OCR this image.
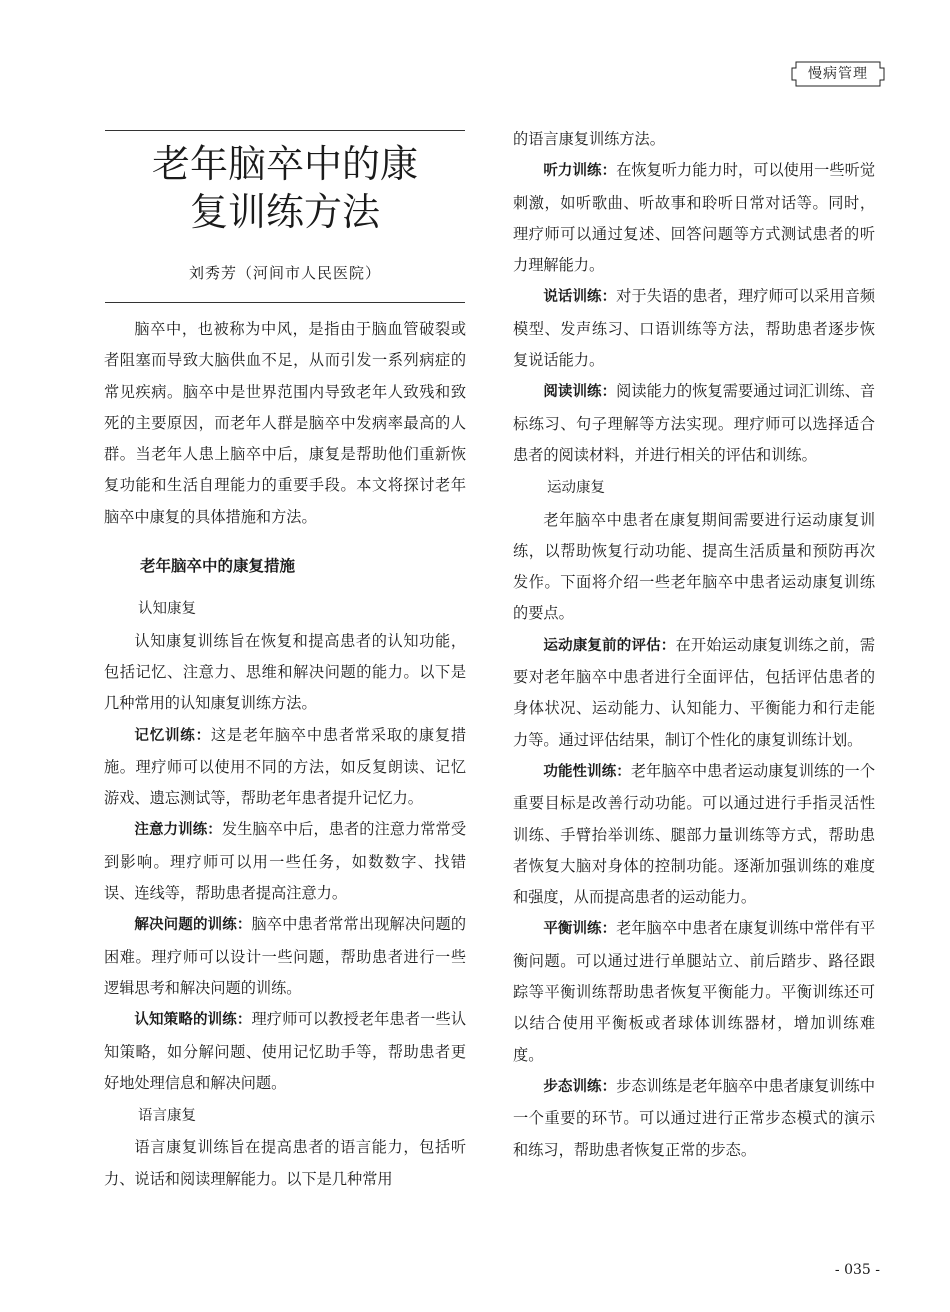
慢病管理
老年脑卒中的康
复训练方法
刘秀芳（河间市人民医院）

脑卒中，也被称为中风，是指由于脑血管破裂或者阻塞而导致大脑供血不足，从而引发一系列病症的常见疾病。脑卒中是世界范围内导致老年人致残和致死的主要原因，而老年人群是脑卒中发病率最高的人群。当老年人患上脑卒中后，康复是帮助他们重新恢复功能和生活自理能力的重要手段。本文将探讨老年脑卒中康复的具体措施和方法。

老年脑卒中的康复措施

认知康复

认知康复训练旨在恢复和提高患者的认知功能，包括记忆、注意力、思维和解决问题的能力。以下是几种常用的认知康复训练方法。

记忆训练：这是老年脑卒中患者常采取的康复措施。理疗师可以使用不同的方法，如反复朗读、记忆游戏、遗忘测试等，帮助老年患者提升记忆力。

注意力训练：发生脑卒中后，患者的注意力常常受到影响。理疗师可以用一些任务，如数数字、找错误、连线等，帮助患者提高注意力。

解决问题的训练：脑卒中患者常常出现解决问题的困难。理疗师可以设计一些问题，帮助患者进行一些逻辑思考和解决问题的训练。

认知策略的训练：理疗师可以教授老年患者一些认知策略，如分解问题、使用记忆助手等，帮助患者更好地处理信息和解决问题。

语言康复

语言康复训练旨在提高患者的语言能力，包括听力、说话和阅读理解能力。以下是几种常用

的语言康复训练方法。

听力训练：在恢复听力能力时，可以使用一些听觉刺激，如听歌曲、听故事和聆听日常对话等。同时，理疗师可以通过复述、回答问题等方式测试患者的听力理解能力。

说话训练：对于失语的患者，理疗师可以采用音频模型、发声练习、口语训练等方法，帮助患者逐步恢复说话能力。

阅读训练：阅读能力的恢复需要通过词汇训练、音标练习、句子理解等方法实现。理疗师可以选择适合患者的阅读材料，并进行相关的评估和训练。

运动康复

老年脑卒中患者在康复期间需要进行运动康复训练，以帮助恢复行动功能、提高生活质量和预防再次发作。下面将介绍一些老年脑卒中患者运动康复训练的要点。

运动康复前的评估：在开始运动康复训练之前，需要对老年脑卒中患者进行全面评估，包括评估患者的身体状况、运动能力、认知能力、平衡能力和行走能力等。通过评估结果，制订个性化的康复训练计划。

功能性训练：老年脑卒中患者运动康复训练的一个重要目标是改善行动功能。可以通过进行手指灵活性训练、手臂抬举训练、腿部力量训练等方式，帮助患者恢复大脑对身体的控制功能。逐渐加强训练的难度和强度，从而提高患者的运动能力。

平衡训练：老年脑卒中患者在康复训练中常伴有平衡问题。可以通过进行单腿站立、前后踏步、路径跟踪等平衡训练帮助患者恢复平衡能力。平衡训练还可以结合使用平衡板或者球体训练器材，增加训练难度。

步态训练：步态训练是老年脑卒中患者康复训练中一个重要的环节。可以通过进行正常步态模式的演示和练习，帮助患者恢复正常的步态。

- 035 -
